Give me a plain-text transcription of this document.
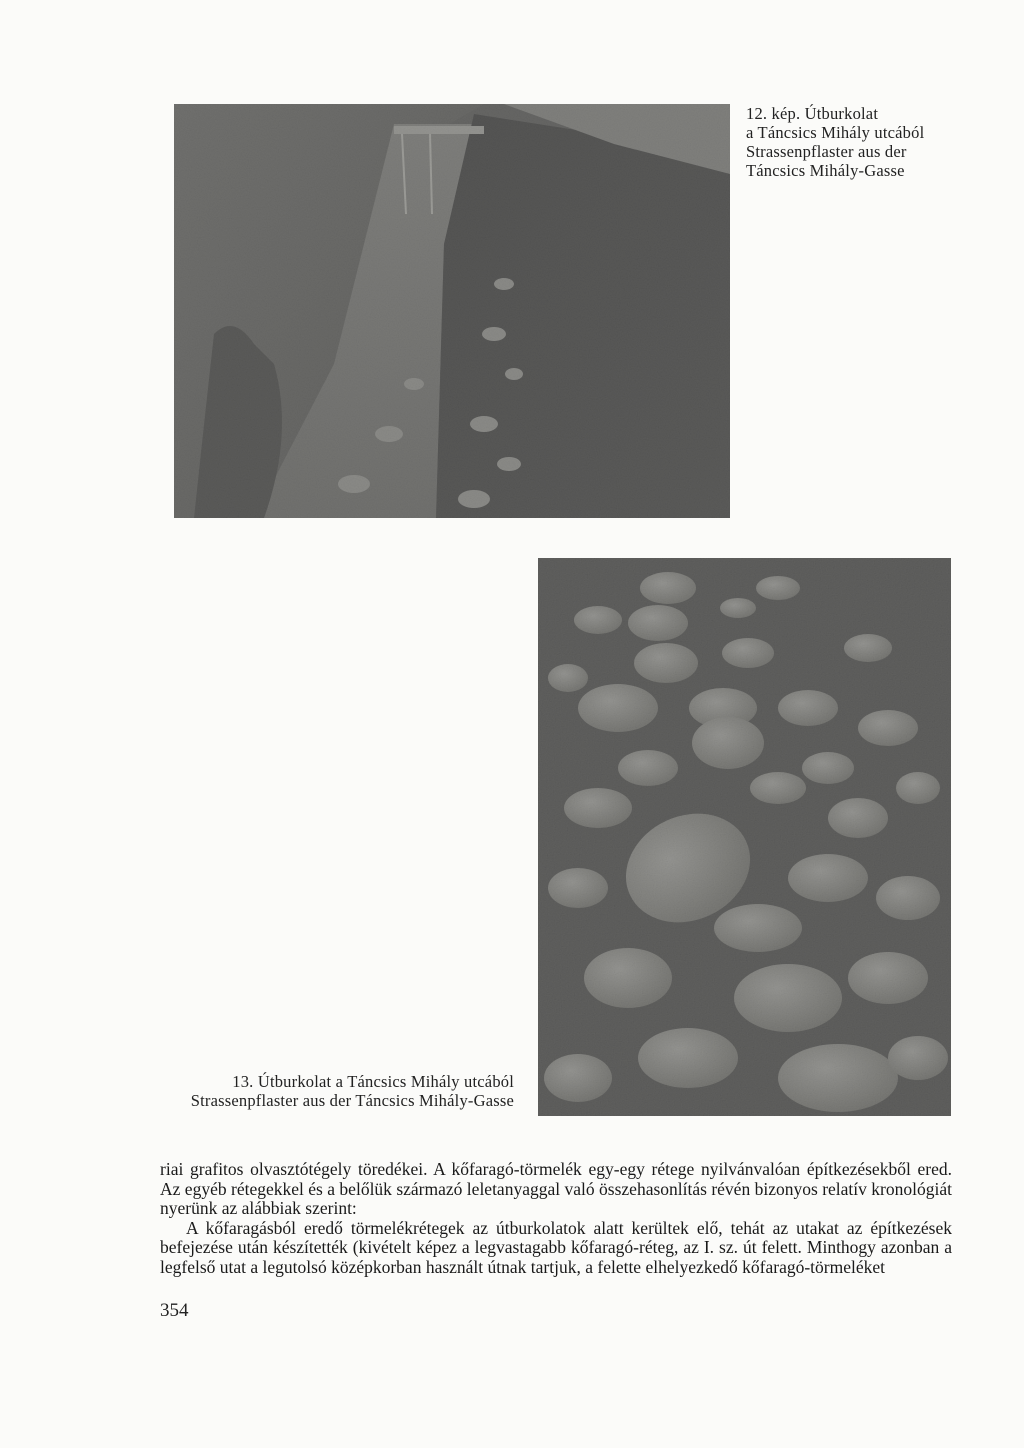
12. kép. Útburkolat
a Táncsics Mihály utcából
Strassenpflaster aus der
Táncsics Mihály-Gasse
13. Útburkolat a Táncsics Mihály utcából
Strassenpflaster aus der Táncsics Mihály-Gasse

riai grafitos olvasztótégely töredékei. A kőfaragó-törmelék egy-egy rétege nyilvánvalóan építkezésekből ered. Az egyéb rétegekkel és a belőlük származó leletanyaggal való összehasonlítás révén bizonyos relatív kronológiát nyerünk az alábbiak szerint:

A kőfaragásból eredő törmelékrétegek az útburkolatok alatt kerültek elő, tehát az utakat az építkezések befejezése után készítették (kivételt képez a legvastagabb kőfaragó-réteg, az I. sz. út felett. Minthogy azonban a legfelső utat a legutolsó középkorban használt útnak tartjuk, a felette elhelyezkedő kőfaragó-törmeléket

354
